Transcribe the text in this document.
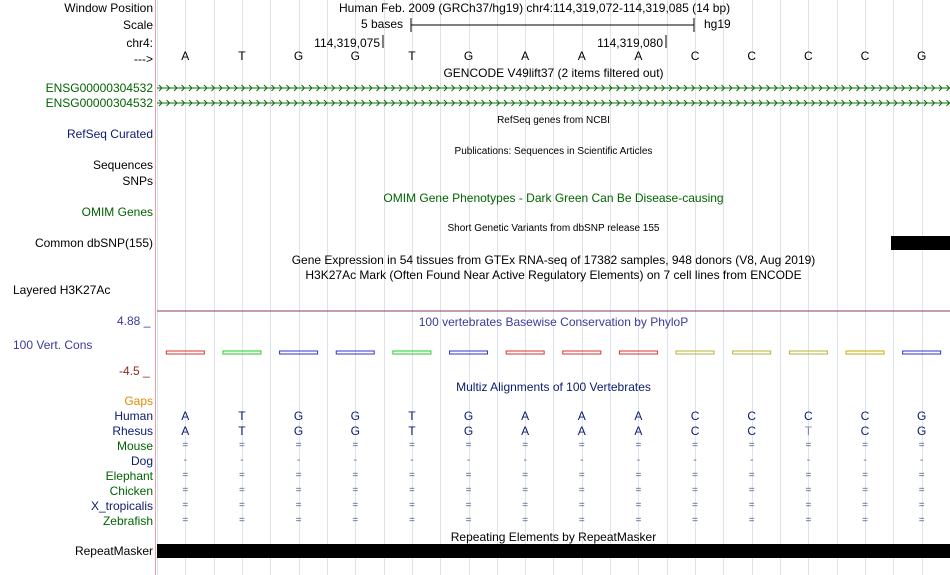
Window Position
Scale
chr4:
--->
Human Feb. 2009 (GRCh37/hg19) chr4:114,319,072-114,319,085 (14 bp)
5 bases	hg19
114,319,075	114,319,080
A	T	G	G	T	G	A	A	A	C	C	C	C	G
GENCODE V49lift37 (2 items filtered out)
ENSG00000304532
ENSG00000304532
RefSeq genes from NCBI
RefSeq Curated
Publications: Sequences in Scientific Articles
Sequences
SNPs
OMIM Gene Phenotypes - Dark Green Can Be Disease-causing
OMIM Genes
Short Genetic Variants from dbSNP release 155
Common dbSNP(155)
Gene Expression in 54 tissues from GTEx RNA-seq of 17382 samples, 948 donors (V8, Aug 2019)
H3K27Ac Mark (Often Found Near Active Regulatory Elements) on 7 cell lines from ENCODE
Layered H3K27Ac
4.88 _	100 vertebrates Basewise Conservation by PhyloP
100 Vert. Cons
-4.5 _
Multiz Alignments of 100 Vertebrates
Gaps
Human A	T	G	G	T	G	A	A	A	C	C	C	C	G
Rhesus A	T	G	G	T	G	A	A	A	C	C	T	C	G
Mouse	=	=	=	=	=	=	=	=	=	=	=	=	=	=
Dog	-	-	-	-	-	-	-	-	-	-	-	-	-	-
Elephant	=	=	=	=	=	=	=	=	=	=	=	=	=	=
Chicken	=	=	=	=	=	=	=	=	=	=	=	=	=	=
X_tropicalis	=	=	=	=	=	=	=	=	=	=	=	=	=	=
Zebrafish	=	=	=	=	=	=	=	=	=	=	=	=	=	=
Repeating Elements by RepeatMasker
RepeatMasker
